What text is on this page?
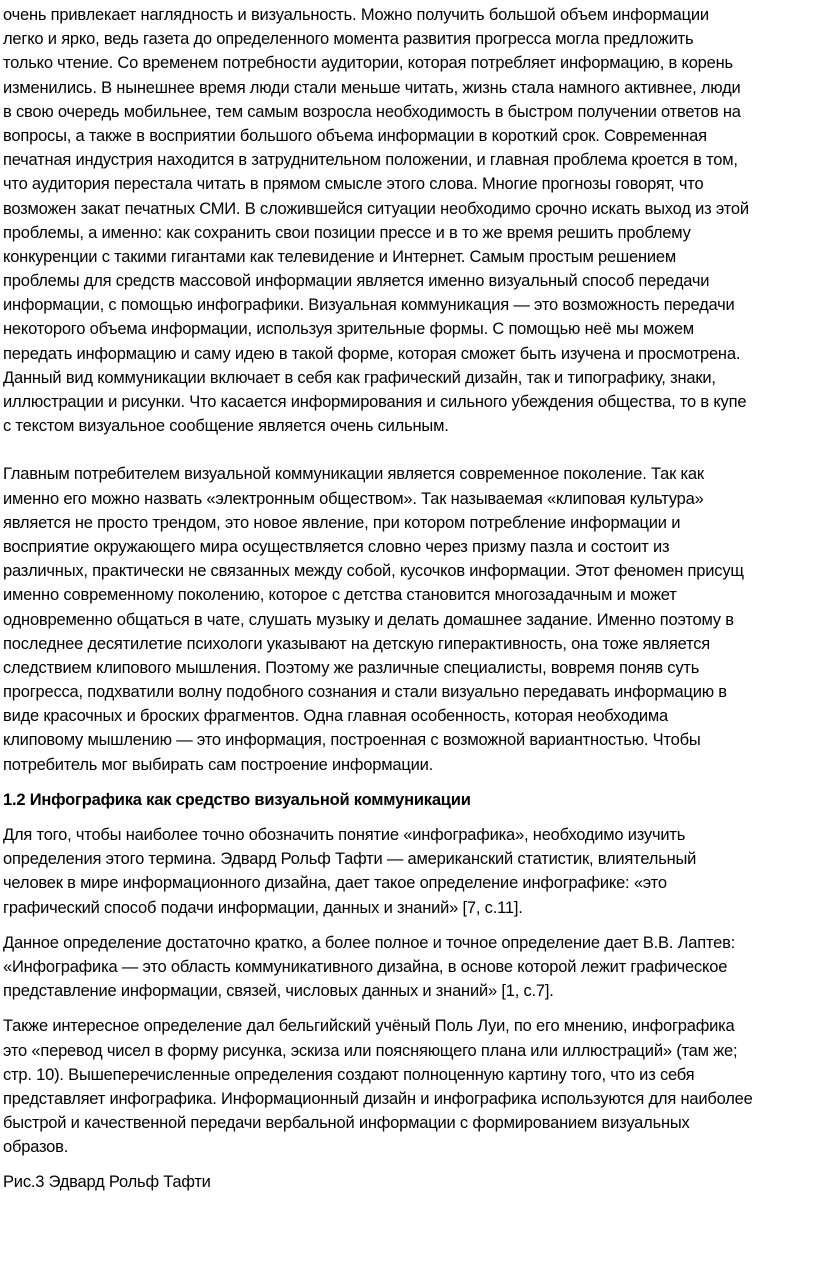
очень привлекает наглядность и визуальность. Можно получить большой объем информации
легко и ярко, ведь газета до определенного момента развития прогресса могла предложить
только чтение. Со временем потребности аудитории, которая потребляет информацию, в корень
изменились. В нынешнее время люди стали меньше читать, жизнь стала намного активнее, люди
в свою очередь мобильнее, тем самым возросла необходимость в быстром получении ответов на
вопросы, а также в восприятии большого объема информации в короткий срок. Современная
печатная индустрия находится в затруднительном положении, и главная проблема кроется в том,
что аудитория перестала читать в прямом смысле этого слова. Многие прогнозы говорят, что
возможен закат печатных СМИ. В сложившейся ситуации необходимо срочно искать выход из этой
проблемы, а именно: как сохранить свои позиции прессе и в то же время решить проблему
конкуренции с такими гигантами как телевидение и Интернет. Самым простым решением
проблемы для средств массовой информации является именно визуальный способ передачи
информации, с помощью инфографики. Визуальная коммуникация — это возможность передачи
некоторого объема информации, используя зрительные формы. С помощью неё мы можем
передать информацию и саму идею в такой форме, которая сможет быть изучена и просмотрена.
Данный вид коммуникации включает в себя как графический дизайн, так и типографику, знаки,
иллюстрации и рисунки. Что касается информирования и сильного убеждения общества, то в купе
с текстом визуальное сообщение является очень сильным.
Главным потребителем визуальной коммуникации является современное поколение. Так как
именно его можно назвать «электронным обществом». Так называемая «клиповая культура»
является не просто трендом, это новое явление, при котором потребление информации и
восприятие окружающего мира осуществляется словно через призму пазла и состоит из
различных, практически не связанных между собой, кусочков информации. Этот феномен присущ
именно современному поколению, которое с детства становится многозадачным и может
одновременно общаться в чате, слушать музыку и делать домашнее задание. Именно поэтому в
последнее десятилетие психологи указывают на детскую гиперактивность, она тоже является
следствием клипового мышления. Поэтому же различные специалисты, вовремя поняв суть
прогресса, подхватили волну подобного сознания и стали визуально передавать информацию в
виде красочных и броских фрагментов. Одна главная особенность, которая необходима
клиповому мышлению — это информация, построенная с возможной вариантностью. Чтобы
потребитель мог выбирать сам построение информации.
1.2 Инфографика как средство визуальной коммуникации
Для того, чтобы наиболее точно обозначить понятие «инфографика», необходимо изучить
определения этого термина. Эдвард Рольф Тафти — американский статистик, влиятельный
человек в мире информационного дизайна, дает такое определение инфографике: «это
графический способ подачи информации, данных и знаний» [7, с.11].
Данное определение достаточно кратко, а более полное и точное определение дает В.В. Лаптев:
«Инфографика — это область коммуникативного дизайна, в основе которой лежит графическое
представление информации, связей, числовых данных и знаний» [1, с.7].
Также интересное определение дал бельгийский учёный Поль Луи, по его мнению, инфографика
это «перевод чисел в форму рисунка, эскиза или поясняющего плана или иллюстраций» (там же;
стр. 10). Вышеперечисленные определения создают полноценную картину того, что из себя
представляет инфографика. Информационный дизайн и инфографика используются для наиболее
быстрой и качественной передачи вербальной информации с формированием визуальных
образов.
Рис.3 Эдвард Рольф Тафти
